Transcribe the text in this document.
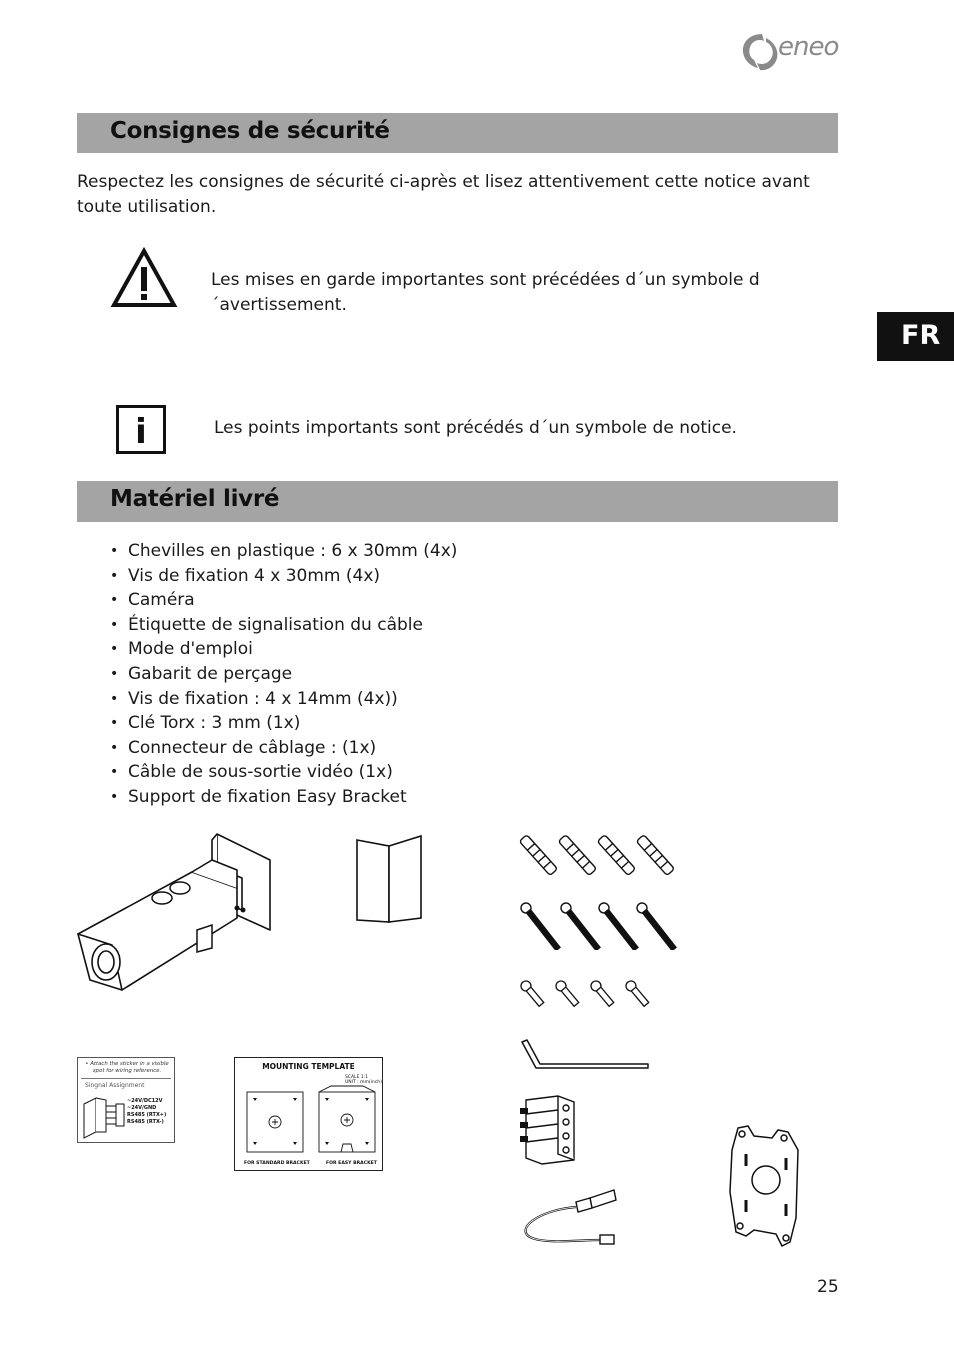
eneo
Consignes de sécurité

Respectez les consignes de sécurité ci-après et lisez attentivement cette notice avant toute utilisation.

Les mises en garde importantes sont précédées d´un symbole d´avertissement.

i	Les points importants sont précédés d´un symbole de notice.

FR
Matériel livré
• Chevilles en plastique : 6 x 30mm (4x)
• Vis de fixation 4 x 30mm (4x)
• Caméra
• Étiquette de signalisation du câble
• Mode d'emploi
• Gabarit de perçage
• Vis de fixation : 4 x 14mm (4x))
• Clé Torx : 3 mm (1x)
• Connecteur de câblage : (1x)
• Câble de sous-sortie vidéo (1x)
• Support de fixation Easy Bracket
• Attach the sticker in a visible spot for wiring reference.
Singnal Assignment
~24V/DC12V
~24V/GND
RS485 (RTX+)
RS485 (RTX-)
MOUNTING TEMPLATE
SCALE 1:1
UNIT : mm(inch)
FOR STANDARD BRACKET	FOR EASY BRACKET
25
